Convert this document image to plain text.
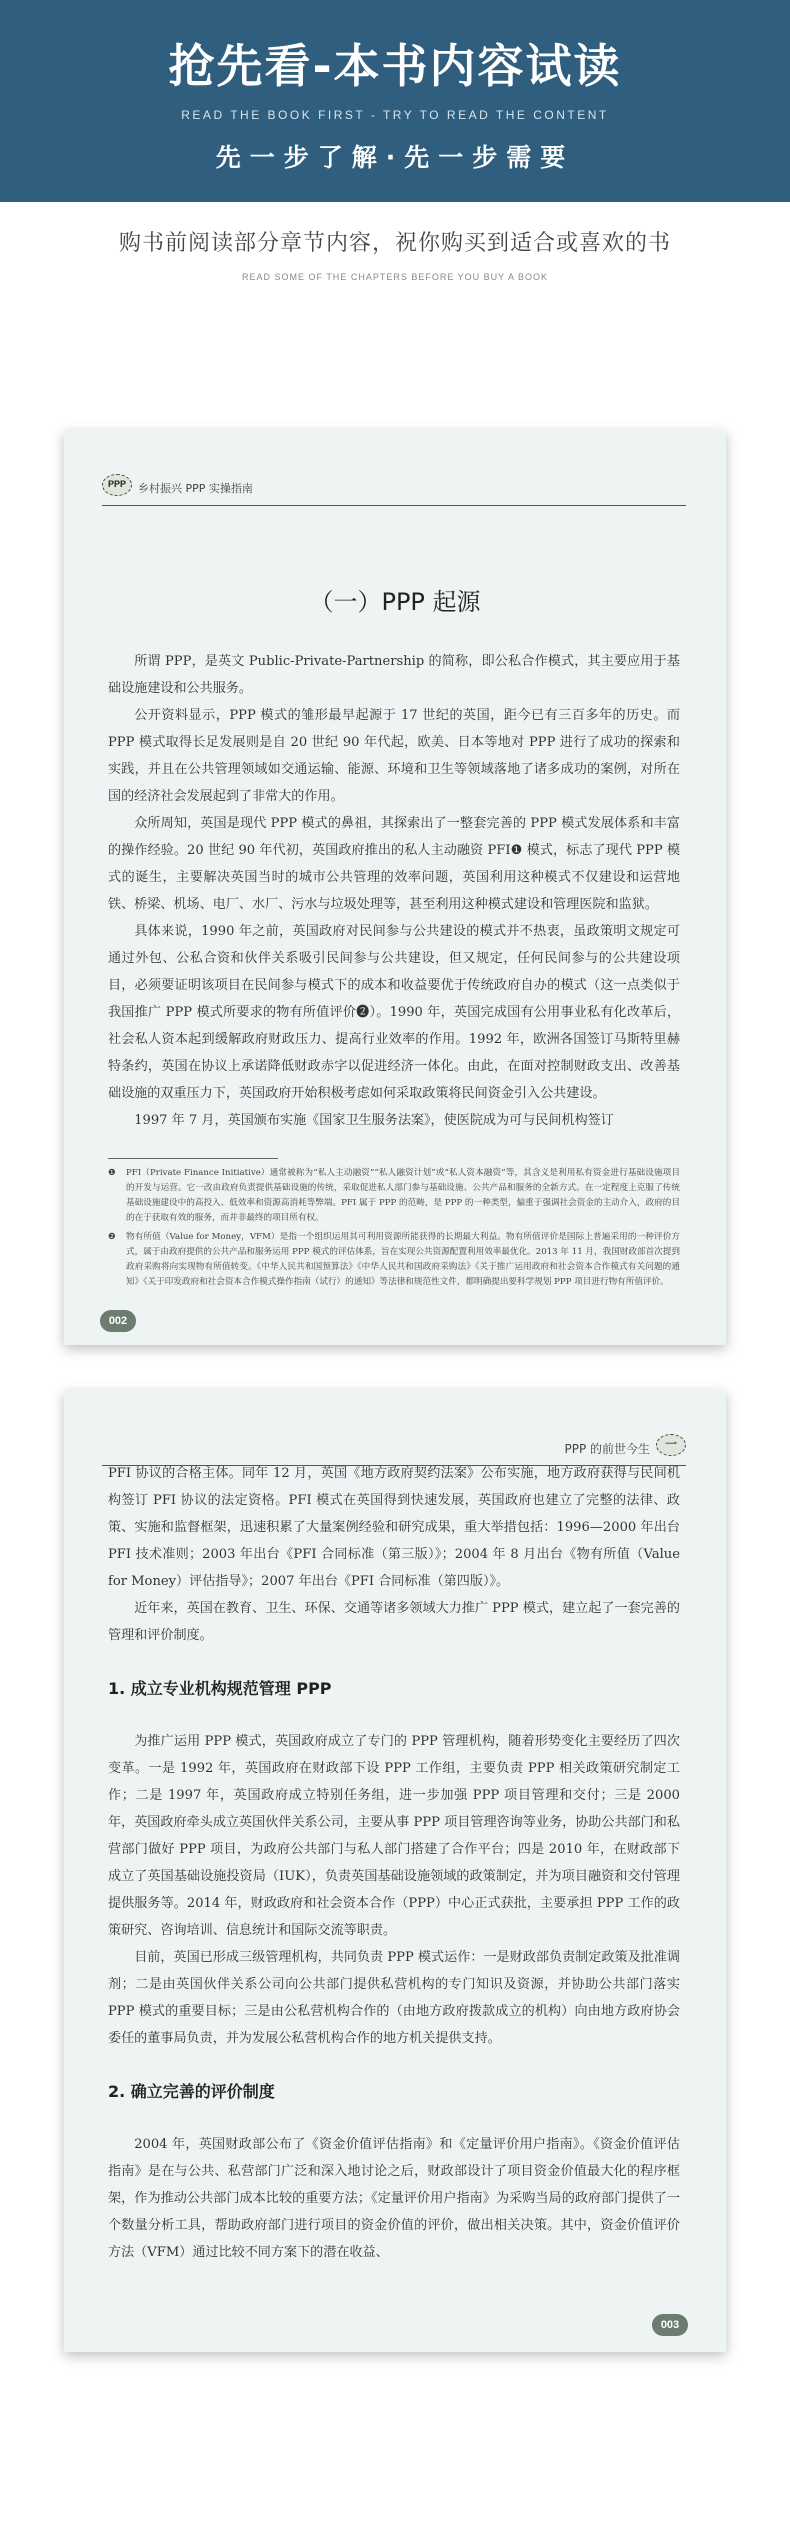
抢先看-本书内容试读
READ THE BOOK FIRST - TRY TO READ THE CONTENT
先一步了解·先一步需要
购书前阅读部分章节内容，祝你购买到适合或喜欢的书
READ SOME OF THE CHAPTERS BEFORE YOU BUY A BOOK
PPP	乡村振兴 PPP 实操指南
（一）PPP 起源

所谓 PPP，是英文 Public-Private-Partnership 的简称，即公私合作模式，其主要应用于基础设施建设和公共服务。

公开资料显示，PPP 模式的雏形最早起源于 17 世纪的英国，距今已有三百多年的历史。而 PPP 模式取得长足发展则是自 20 世纪 90 年代起，欧美、日本等地对 PPP 进行了成功的探索和实践，并且在公共管理领域如交通运输、能源、环境和卫生等领域落地了诸多成功的案例，对所在国的经济社会发展起到了非常大的作用。

众所周知，英国是现代 PPP 模式的鼻祖，其探索出了一整套完善的 PPP 模式发展体系和丰富的操作经验。20 世纪 90 年代初，英国政府推出的私人主动融资 PFI❶ 模式，标志了现代 PPP 模式的诞生，主要解决英国当时的城市公共管理的效率问题，英国利用这种模式不仅建设和运营地铁、桥梁、机场、电厂、水厂、污水与垃圾处理等，甚至利用这种模式建设和管理医院和监狱。

具体来说，1990 年之前，英国政府对民间参与公共建设的模式并不热衷，虽政策明文规定可通过外包、公私合资和伙伴关系吸引民间参与公共建设，但又规定，任何民间参与的公共建设项目，必须要证明该项目在民间参与模式下的成本和收益要优于传统政府自办的模式（这一点类似于我国推广 PPP 模式所要求的物有所值评价❷）。1990 年，英国完成国有公用事业私有化改革后，社会私人资本起到缓解政府财政压力、提高行业效率的作用。1992 年，欧洲各国签订马斯特里赫特条约，英国在协议上承诺降低财政赤字以促进经济一体化。由此，在面对控制财政支出、改善基础设施的双重压力下，英国政府开始积极考虑如何采取政策将民间资金引入公共建设。

1997 年 7 月，英国颁布实施《国家卫生服务法案》，使医院成为可与民间机构签订

❶ PFI（Private Finance Initiative）通常被称为“私人主动融资”“私人融资计划”或“私人资本融资”等，其含义是利用私有资金进行基础设施项目的开发与运营。它一改由政府负责提供基础设施的传统，采取促进私人部门参与基础设施、公共产品和服务的全新方式。在一定程度上克服了传统基础设施建设中的高投入、低效率和资源高消耗等弊端。PFI 属于 PPP 的范畴，是 PPP 的一种类型，偏重于强调社会资金的主动介入，政府的目的在于获取有效的服务，而并非最终的项目所有权。
❷ 物有所值（Value for Money，VFM）是指一个组织运用其可利用资源所能获得的长期最大利益。物有所值评价是国际上普遍采用的一种评价方式，属于由政府提供的公共产品和服务运用 PPP 模式的评估体系，旨在实现公共资源配置利用效率最优化。2013 年 11 月，我国财政部首次提到政府采购将向实现物有所值转变。《中华人民共和国预算法》《中华人民共和国政府采购法》《关于推广运用政府和社会资本合作模式有关问题的通知》《关于印发政府和社会资本合作模式操作指南（试行）的通知》等法律和规范性文件，都明确提出要科学规划 PPP 项目进行物有所值评价。
002
PPP 的前世今生	一

PFI 协议的合格主体。同年 12 月，英国《地方政府契约法案》公布实施，地方政府获得与民间机构签订 PFI 协议的法定资格。PFI 模式在英国得到快速发展，英国政府也建立了完整的法律、政策、实施和监督框架，迅速积累了大量案例经验和研究成果，重大举措包括：1996—2000 年出台 PFI 技术准则；2003 年出台《PFI 合同标准（第三版）》；2004 年 8 月出台《物有所值（Value for Money）评估指导》；2007 年出台《PFI 合同标准（第四版）》。

近年来，英国在教育、卫生、环保、交通等诸多领域大力推广 PPP 模式，建立起了一套完善的管理和评价制度。

1. 成立专业机构规范管理 PPP

为推广运用 PPP 模式，英国政府成立了专门的 PPP 管理机构，随着形势变化主要经历了四次变革。一是 1992 年，英国政府在财政部下设 PPP 工作组，主要负责 PPP 相关政策研究制定工作；二是 1997 年，英国政府成立特别任务组，进一步加强 PPP 项目管理和交付；三是 2000 年，英国政府牵头成立英国伙伴关系公司，主要从事 PPP 项目管理咨询等业务，协助公共部门和私营部门做好 PPP 项目，为政府公共部门与私人部门搭建了合作平台；四是 2010 年，在财政部下成立了英国基础设施投资局（IUK），负责英国基础设施领域的政策制定，并为项目融资和交付管理提供服务等。2014 年，财政政府和社会资本合作（PPP）中心正式获批，主要承担 PPP 工作的政策研究、咨询培训、信息统计和国际交流等职责。

目前，英国已形成三级管理机构，共同负责 PPP 模式运作：一是财政部负责制定政策及批准调剂；二是由英国伙伴关系公司向公共部门提供私营机构的专门知识及资源，并协助公共部门落实 PPP 模式的重要目标；三是由公私营机构合作的（由地方政府拨款成立的机构）向由地方政府协会委任的董事局负责，并为发展公私营机构合作的地方机关提供支持。

2. 确立完善的评价制度

2004 年，英国财政部公布了《资金价值评估指南》和《定量评价用户指南》。《资金价值评估指南》是在与公共、私营部门广泛和深入地讨论之后，财政部设计了项目资金价值最大化的程序框架，作为推动公共部门成本比较的重要方法；《定量评价用户指南》为采购当局的政府部门提供了一个数量分析工具，帮助政府部门进行项目的资金价值的评价，做出相关决策。其中，资金价值评价方法（VFM）通过比较不同方案下的潜在收益、

003
